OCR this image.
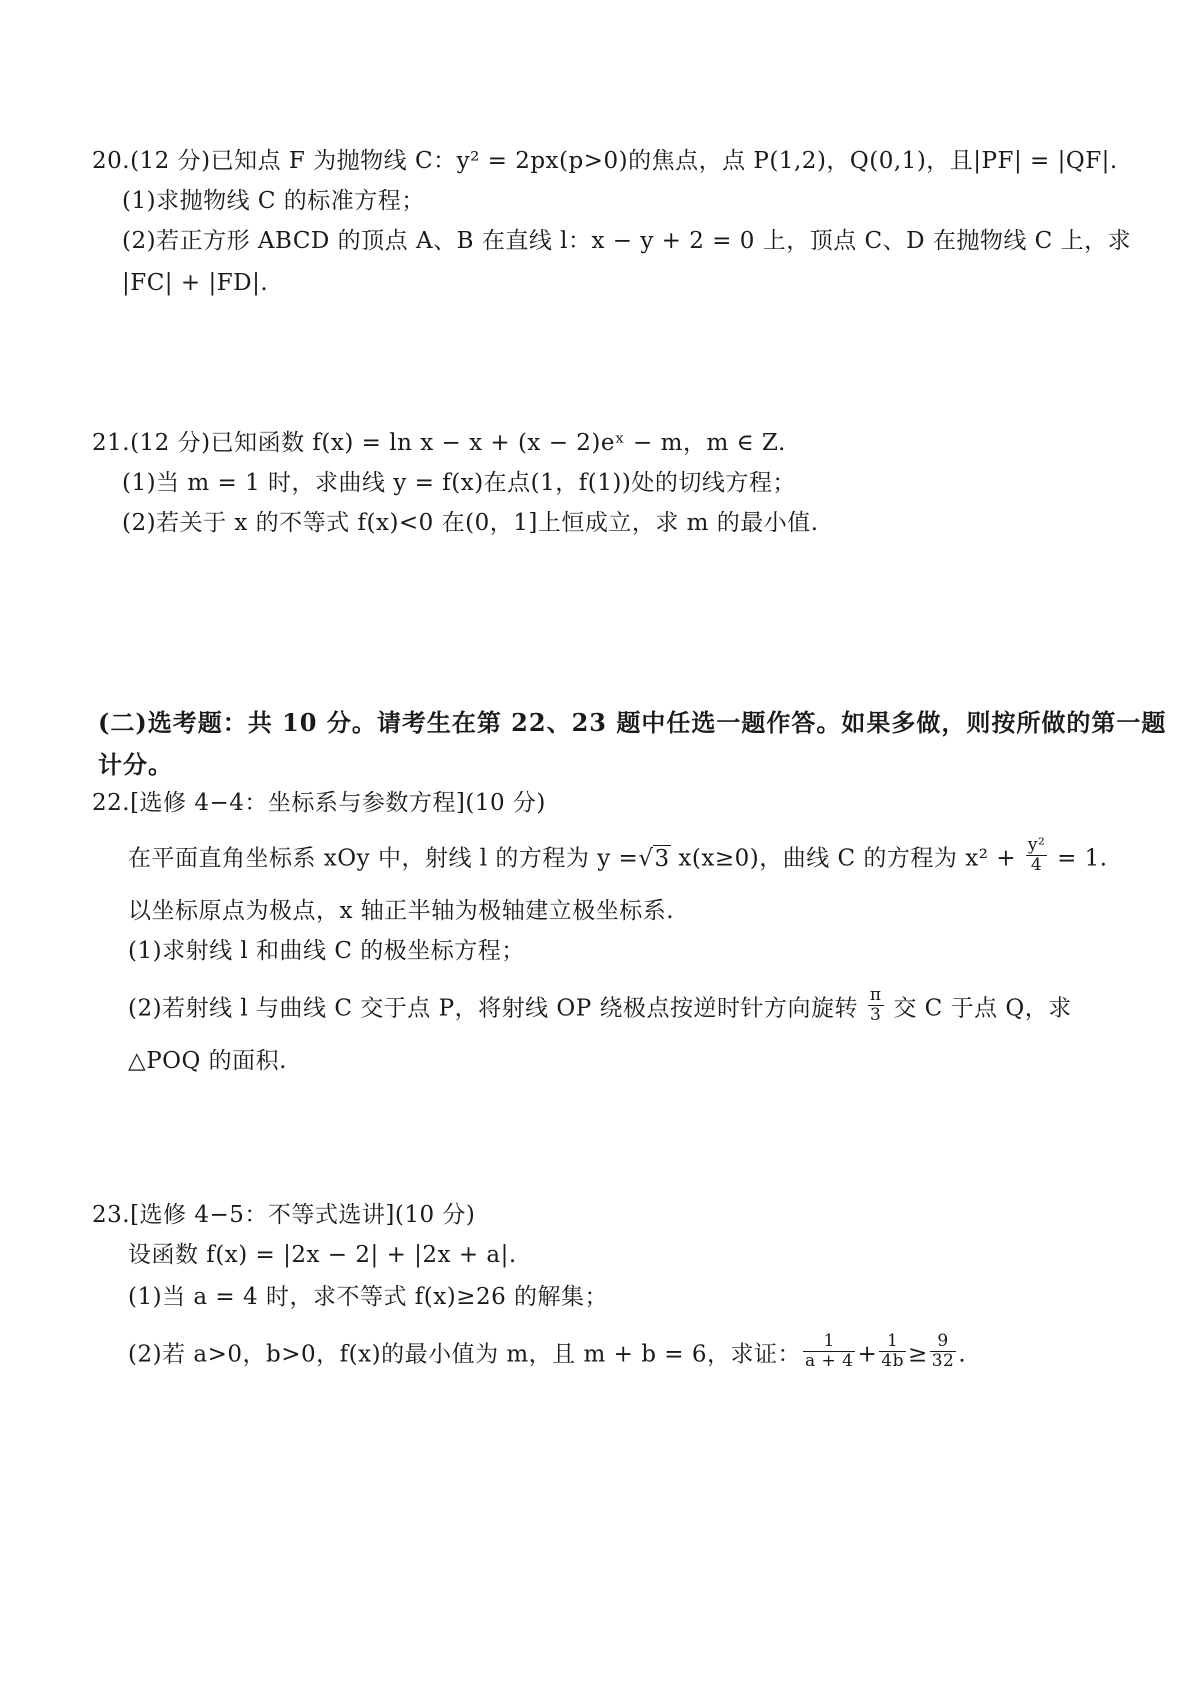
20.(12 分)已知点 F 为抛物线 C：y² = 2px(p>0)的焦点，点 P(1,2)，Q(0,1)，且|PF| = |QF|.
(1)求抛物线 C 的标准方程；
(2)若正方形 ABCD 的顶点 A、B 在直线 l：x − y + 2 = 0 上，顶点 C、D 在抛物线 C 上，求
|FC| + |FD|.
21.(12 分)已知函数 f(x) = ln x − x + (x − 2)eˣ − m，m ∈ Z.
(1)当 m = 1 时，求曲线 y = f(x)在点(1，f(1))处的切线方程；
(2)若关于 x 的不等式 f(x)<0 在(0，1]上恒成立，求 m 的最小值.
(二)选考题：共 10 分。请考生在第 22、23 题中任选一题作答。如果多做，则按所做的第一题
计分。
22.[选修 4−4：坐标系与参数方程](10 分)
在平面直角坐标系 xOy 中，射线 l 的方程为 y =√3 x(x≥0)，曲线 C 的方程为 $x^2 + \frac{\text{y²}}{4} = 1$.
以坐标原点为极点，x 轴正半轴为极轴建立极坐标系.
(1)求射线 l 和曲线 C 的极坐标方程；
(2)若射线 l 与曲线 C 交于点 P，将射线 OP 绕极点按逆时针方向旋转 $\frac{\pi}{3}$ 交 C 于点 Q，求
△POQ 的面积.
23.[选修 4−5：不等式选讲](10 分)
设函数 f(x) = |2x − 2| + |2x + a|.
(1)当 a = 4 时，求不等式 f(x)≥26 的解集；
(2)若 a>0，b>0，f(x)的最小值为 m，且 m + b = 6，求证： $\frac{1}{a + 4} + \frac{1}{4b} \ge \frac{9}{32}$ .
